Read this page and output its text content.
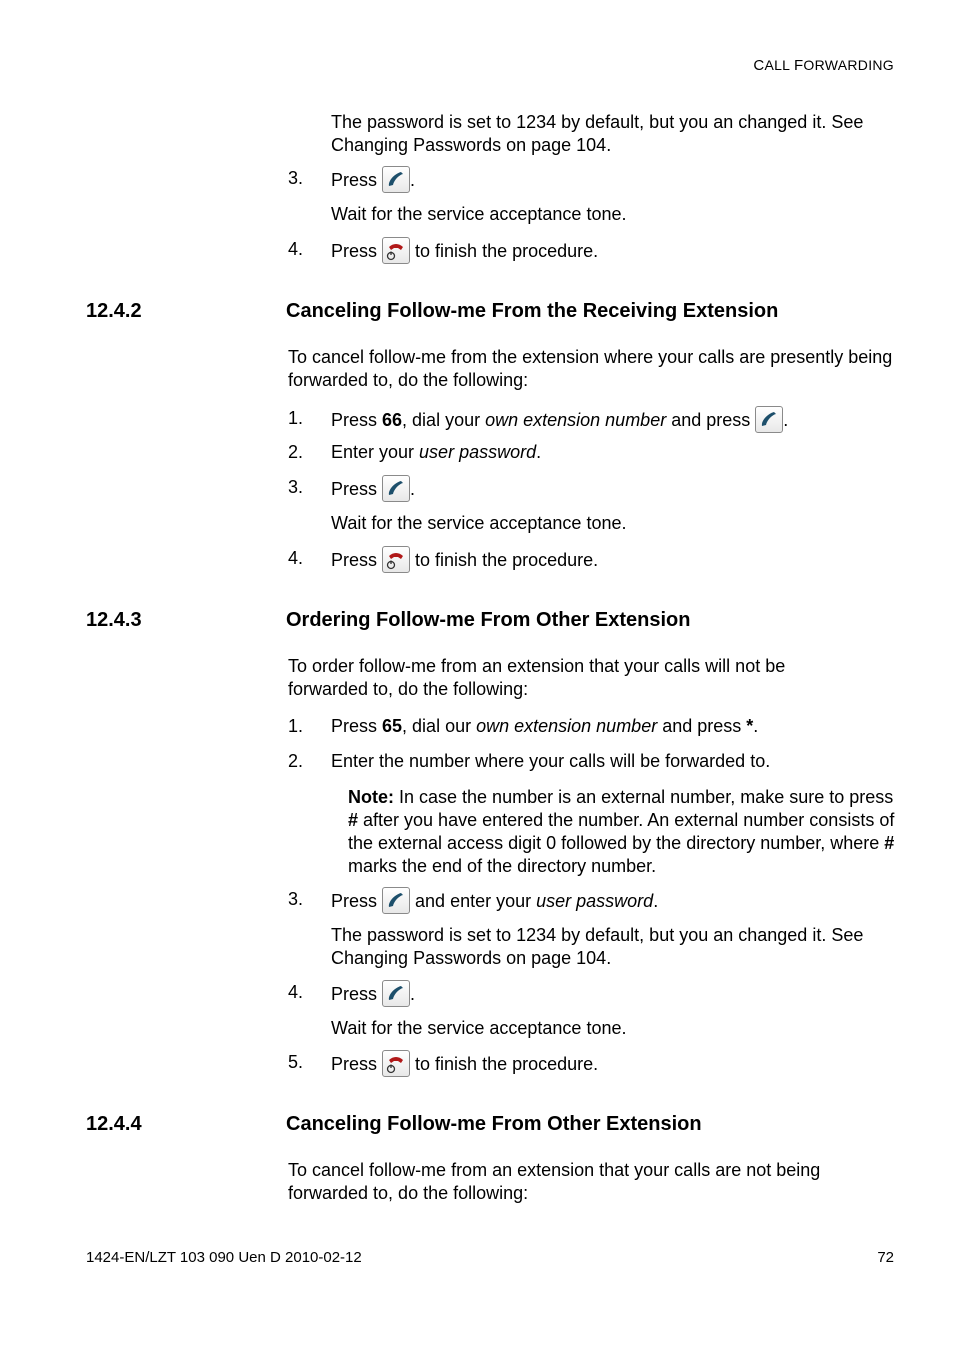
CALL FORWARDING
The password is set to 1234 by default, but you an changed it. See Changing Passwords on page 104.
3. Press .
Wait for the service acceptance tone.
4. Press
to finish the procedure.
12.4.2	Canceling Follow-me From the Receiving Extension
To cancel follow-me from the extension where your calls are presently being forwarded to, do the following:
1. Press 66, dial your own extension number and press
.
2. Enter your user password.
3. Press .
Wait for the service acceptance tone.
4. Press
to finish the procedure.
12.4.3	Ordering Follow-me From Other Extension
To order follow-me from an extension that your calls will not be forwarded to, do the following:
1. Press 65, dial our own extension number and press *.
2. Enter the number where your calls will be forwarded to.
Note: In case the number is an external number, make sure to press # after you have entered the number. An external number consists of the external access digit 0 followed by the directory number, where # marks the end of the directory number.
3. Press
and enter your user password.
The password is set to 1234 by default, but you an changed it. See Changing Passwords on page 104.
4. Press .
Wait for the service acceptance tone.
5. Press
to finish the procedure.
12.4.4	Canceling Follow-me From Other Extension
To cancel follow-me from an extension that your calls are not being forwarded to, do the following:
1424-EN/LZT 103 090 Uen D 2010-02-12	72
